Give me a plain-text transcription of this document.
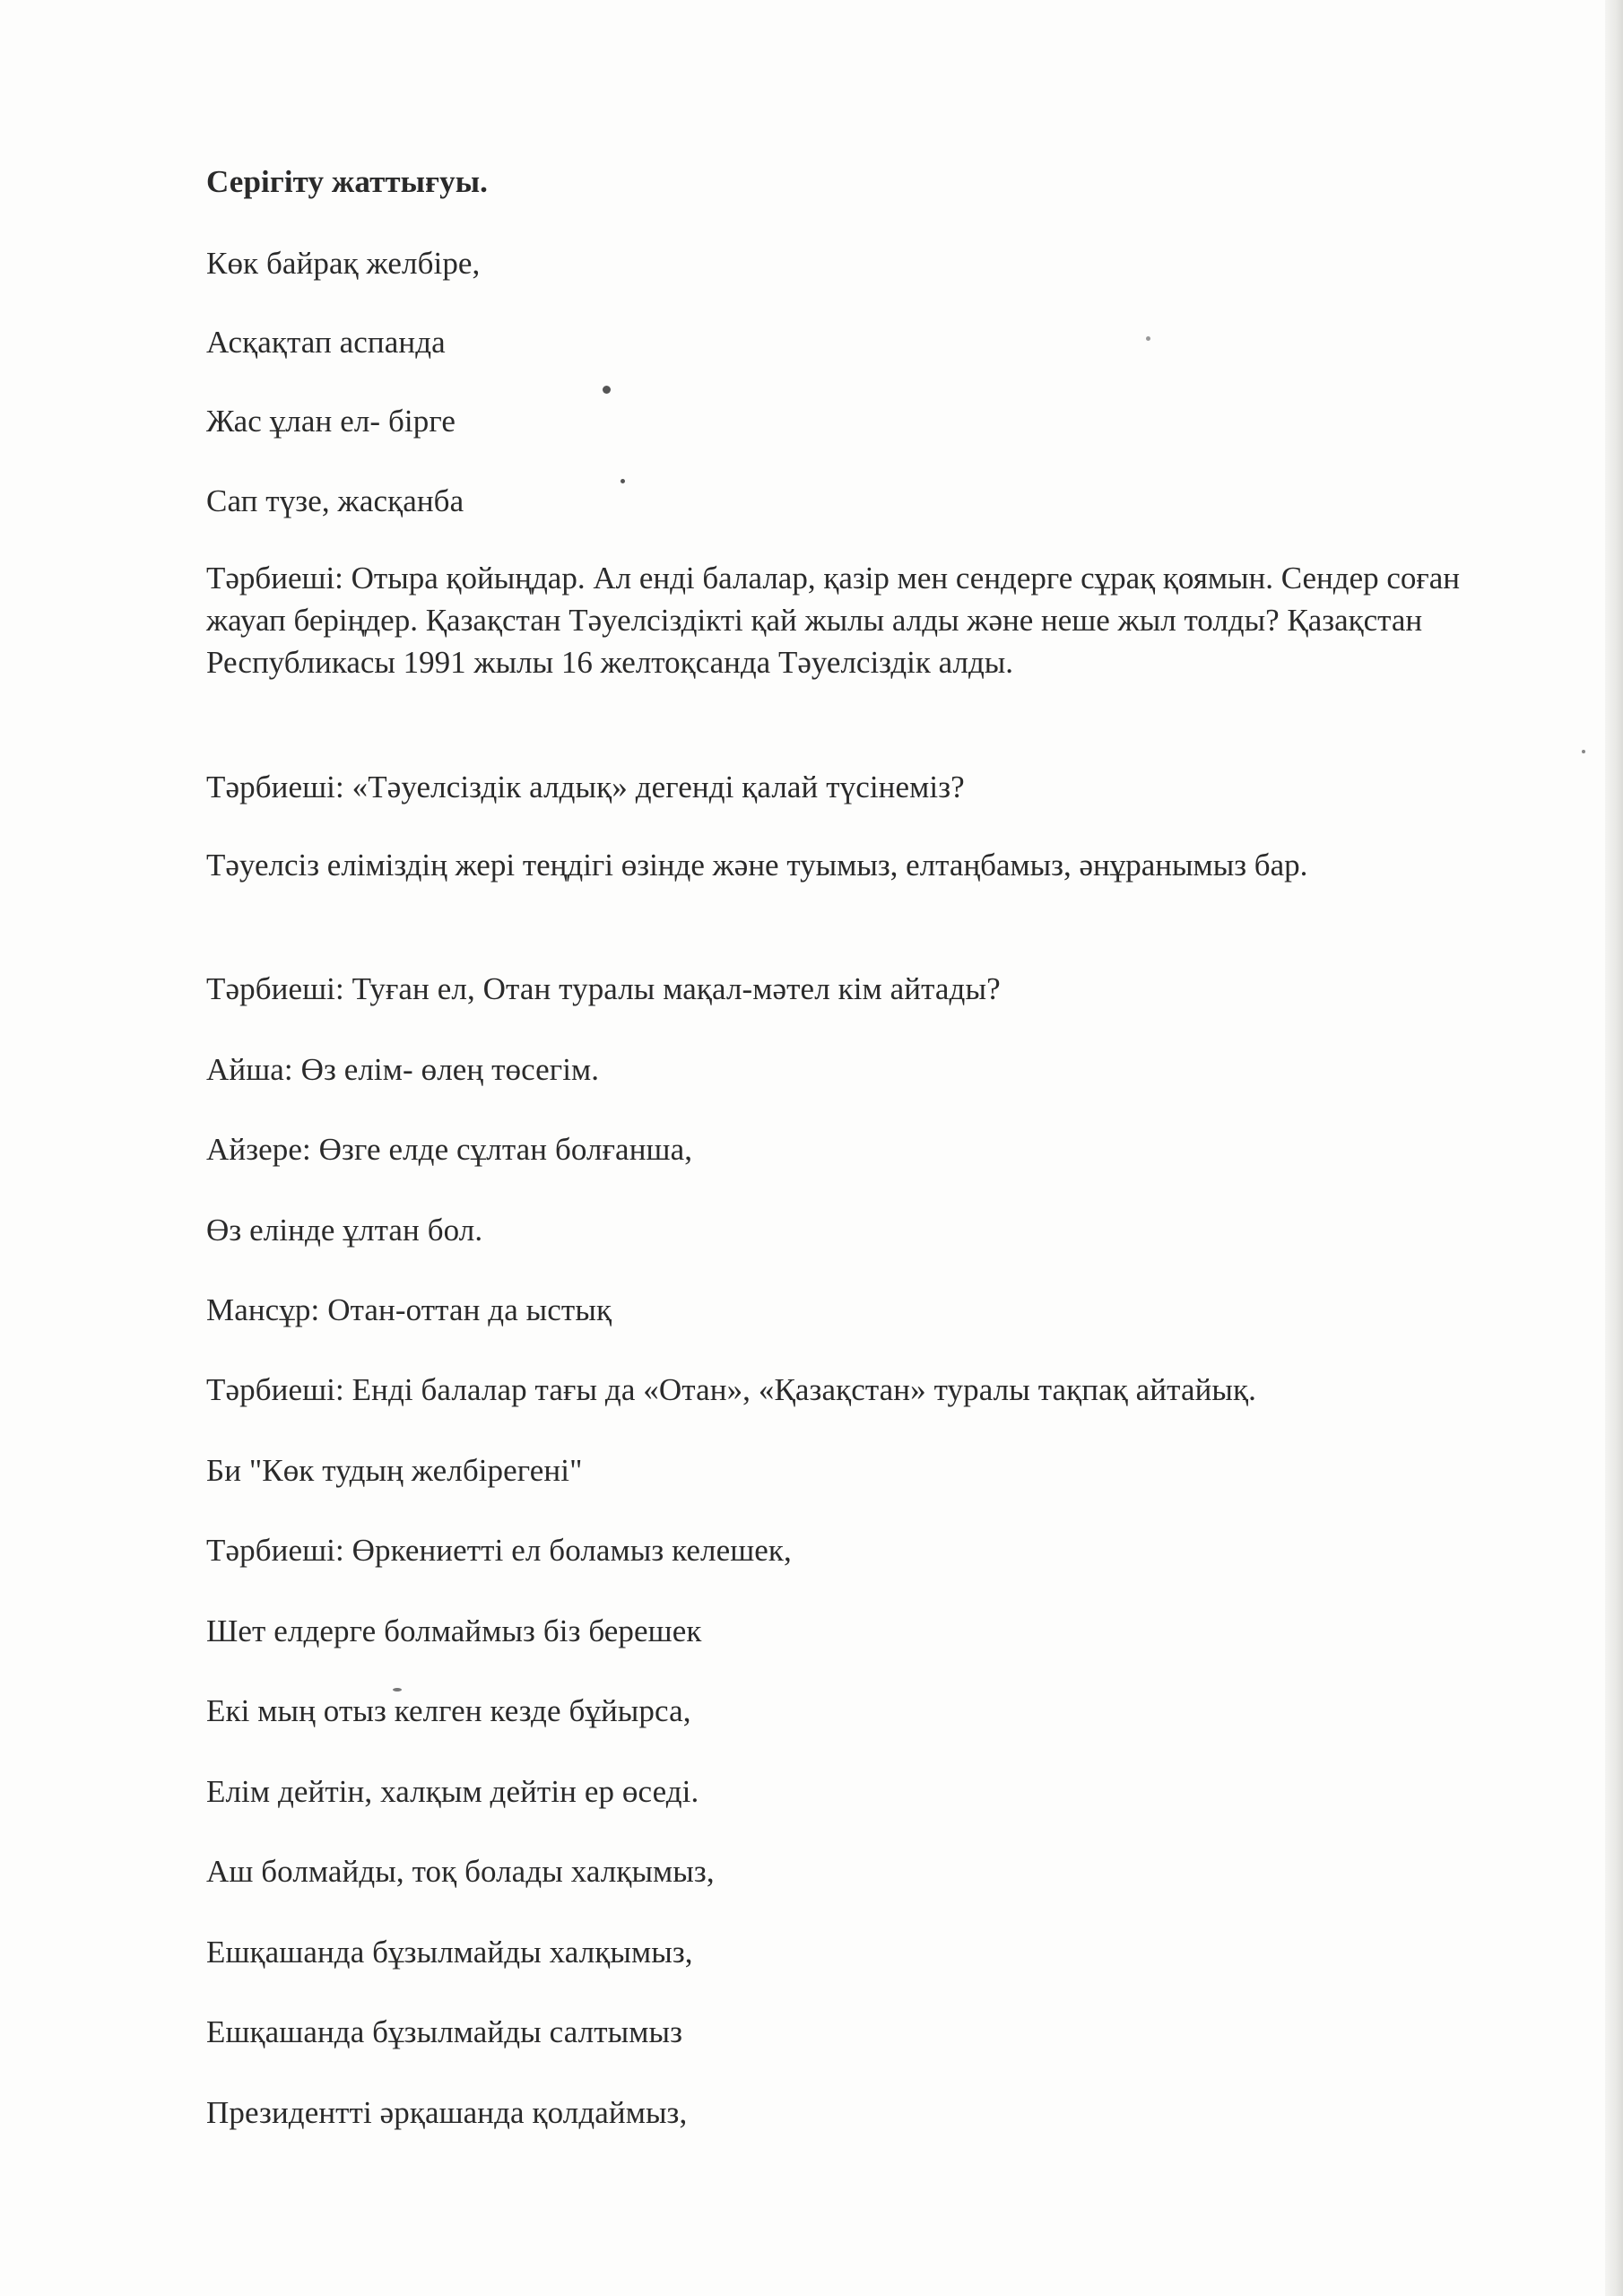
Серігіту жаттығуы.
Көк байрақ желбіре,
Асқақтап аспанда
Жас ұлан ел- бірге
Сап түзе, жасқанба
Тәрбиеші: Отыра қойыңдар. Ал енді балалар, қазір мен сендерге сұрақ қоямын. Сендер соған жауап беріңдер. Қазақстан Тәуелсіздікті қай жылы алды және неше жыл толды? Қазақстан Республикасы 1991 жылы 16 желтоқсанда Тәуелсіздік алды.
Тәрбиеші: «Тәуелсіздік алдық» дегенді қалай түсінеміз?
Тәуелсіз еліміздің жері теңдігі өзінде және туымыз, елтаңбамыз, әнұранымыз бар.
Тәрбиеші: Туған ел, Отан туралы мақал-мәтел кім айтады?
Айша: Өз елім- өлең төсегім.
Айзере: Өзге елде сұлтан болғанша,
Өз елінде ұлтан бол.
Мансұр: Отан-оттан да ыстық
Тәрбиеші: Енді балалар тағы да «Отан», «Қазақстан» туралы тақпақ айтайық.
Би "Көк тудың желбірегені"
Тәрбиеші: Өркениетті ел боламыз келешек,
Шет елдерге болмаймыз біз берешек
Екі мың отыз келген кезде бұйырса,
Елім дейтін, халқым дейтін ер өседі.
Аш болмайды, тоқ болады халқымыз,
Ешқашанда бұзылмайды халқымыз,
Ешқашанда бұзылмайды салтымыз
Президентті әрқашанда қолдаймыз,
